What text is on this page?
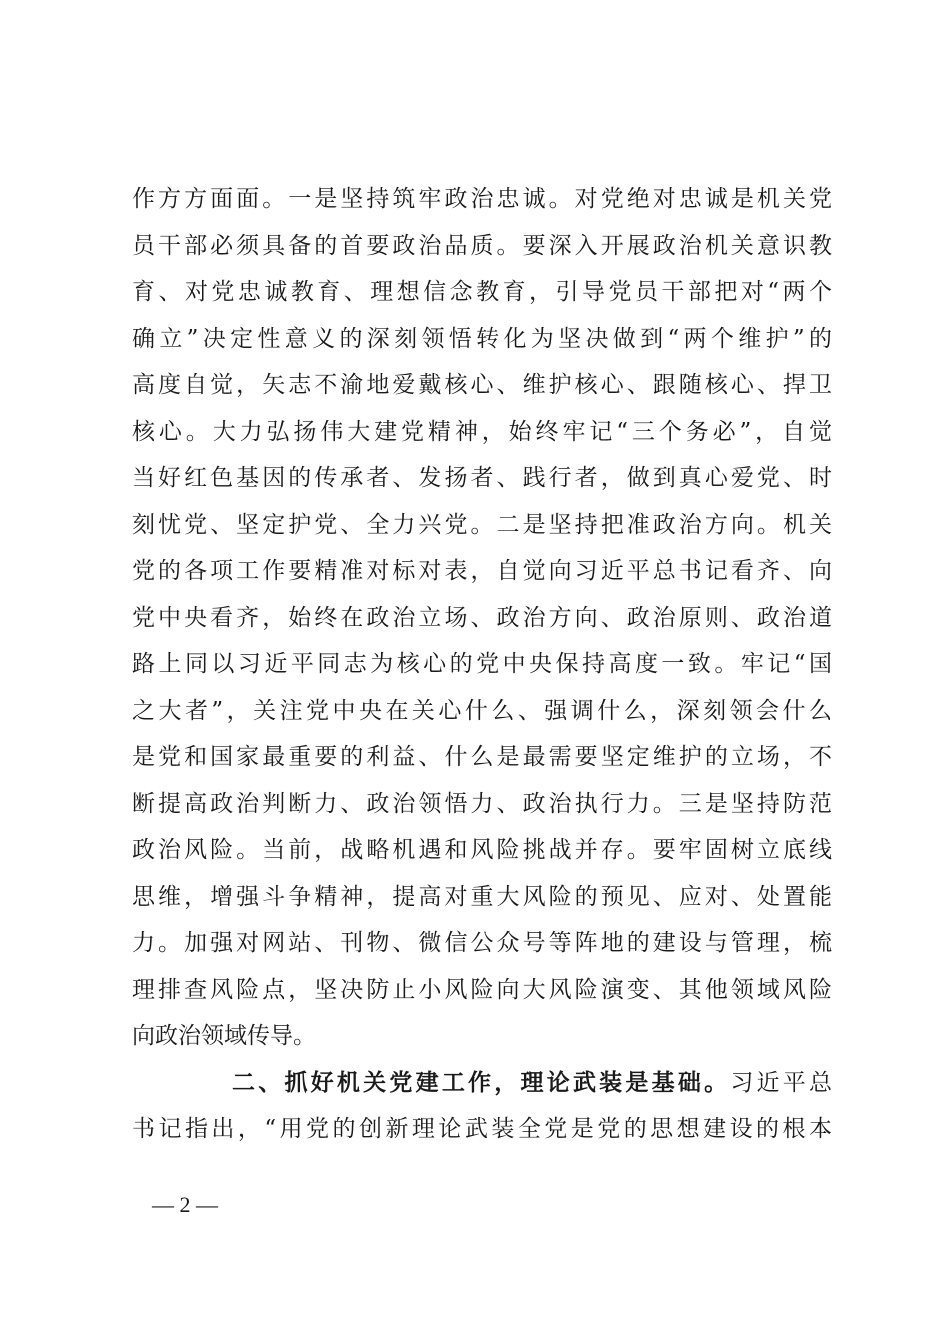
作方方面面。一是坚持筑牢政治忠诚。对党绝对忠诚是机关党
员干部必须具备的首要政治品质。要深入开展政治机关意识教
育、对党忠诚教育、理想信念教育，引导党员干部把对“两个
确立”决定性意义的深刻领悟转化为坚决做到“两个维护”的
高度自觉，矢志不渝地爱戴核心、维护核心、跟随核心、捍卫
核心。大力弘扬伟大建党精神，始终牢记“三个务必”，自觉
当好红色基因的传承者、发扬者、践行者，做到真心爱党、时
刻忧党、坚定护党、全力兴党。二是坚持把准政治方向。机关
党的各项工作要精准对标对表，自觉向习近平总书记看齐、向
党中央看齐，始终在政治立场、政治方向、政治原则、政治道
路上同以习近平同志为核心的党中央保持高度一致。牢记“国
之大者”，关注党中央在关心什么、强调什么，深刻领会什么
是党和国家最重要的利益、什么是最需要坚定维护的立场，不
断提高政治判断力、政治领悟力、政治执行力。三是坚持防范
政治风险。当前，战略机遇和风险挑战并存。要牢固树立底线
思维，增强斗争精神，提高对重大风险的预见、应对、处置能
力。加强对网站、刊物、微信公众号等阵地的建设与管理，梳
理排查风险点，坚决防止小风险向大风险演变、其他领域风险
向政治领域传导。
二、抓好机关党建工作，理论武装是基础。习近平总
书记指出，“用党的创新理论武装全党是党的思想建设的根本
— 2 —
